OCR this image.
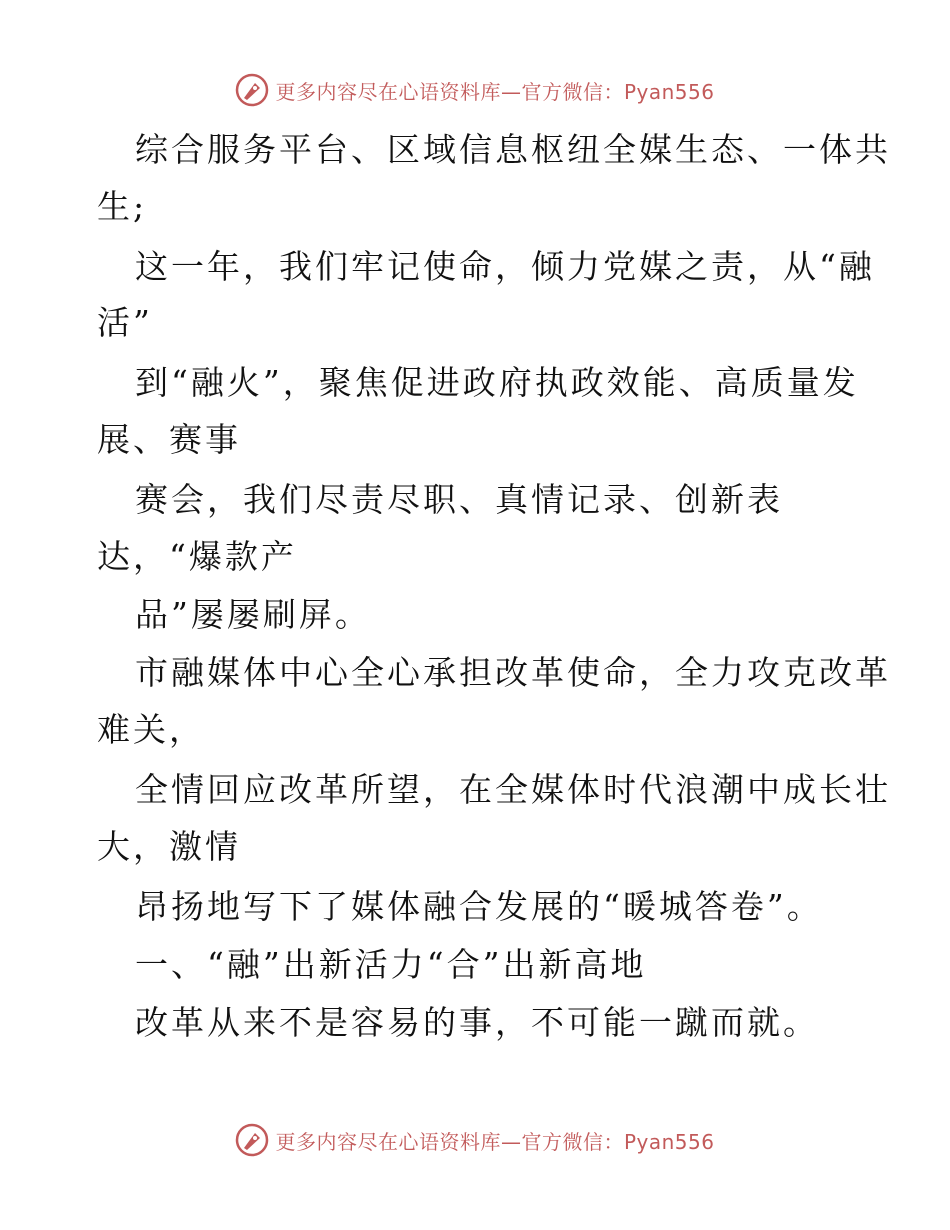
更多内容尽在心语资料库—官方微信：Pyan556
综合服务平台、区域信息枢纽全媒生态、一体共
生;
这一年，我们牢记使命，倾力党媒之责，从“融
活”
到“融火”，聚焦促进政府执政效能、高质量发
展、赛事
赛会，我们尽责尽职、真情记录、创新表
达，“爆款产
品”屡屡刷屏。
市融媒体中心全心承担改革使命，全力攻克改革
难关，
全情回应改革所望，在全媒体时代浪潮中成长壮
大，激情
昂扬地写下了媒体融合发展的“暖城答卷”。
一、“融”出新活力“合”出新高地
改革从来不是容易的事，不可能一蹴而就。
更多内容尽在心语资料库—官方微信：Pyan556
